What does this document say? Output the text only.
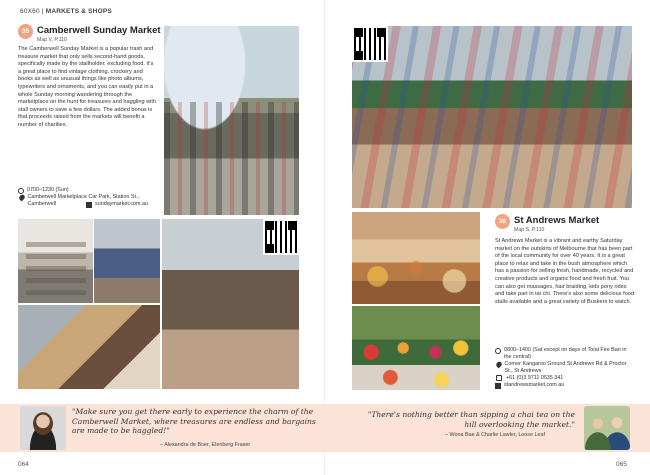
60X60 | MARKETS & SHOPS
35 Camberwell Sunday Market
Map V, P.110
The Camberwell Sunday Market is a popular trash and treasure market that only sells second-hand goods, specifically made by the stallholder, excluding food. It's a great place to find vintage clothing, crockery and books as well as unusual things like photo albums, typewriters and ornaments, and you can easily put in a whole Sunday morning wandering through the marketplace on the hunt for treasures and haggling with stall owners to save a few dollars. The added bonus is that proceeds raised from the markets will benefit a number of charities.
0700–1230 (Sun)
Camberwell Marketplace Car Park, Station St., Camberwell	sundaymarket.com.au
36 St Andrews Market
Map S, P.110
St Andrews Market is a vibrant and earthy Saturday market on the outskirts of Melbourne that has been part of the local community for over 40 years. It is a great place to relax and take in the bush atmosphere which has a passion for selling fresh, handmade, recycled and creative products and organic food and fresh fruit. You can also get massages, hair braiding, kids pony rides and take part in tai chi. There's also some delicious food stalls available and a great variety of Buskers to watch.
0800–1400 (Sat except on days of Total Fire Ban in the central)
Corner Kangaroo Ground St Andrews Rd & Proctor St., St Andrews
+61 (0)3 9711 0535 341
standrewsmarket.com.au
"Make sure you get there early to experience the charm of the Camberwell Market, where treasures are endless and bargains are made to be haggled!"
– Alexandra de Boer, Elenberg Fraser
"There's nothing better than sipping a chai tea on the hill overlooking the market."
– Wona Bae & Charlie Lawler, Loose Leaf
064	065
